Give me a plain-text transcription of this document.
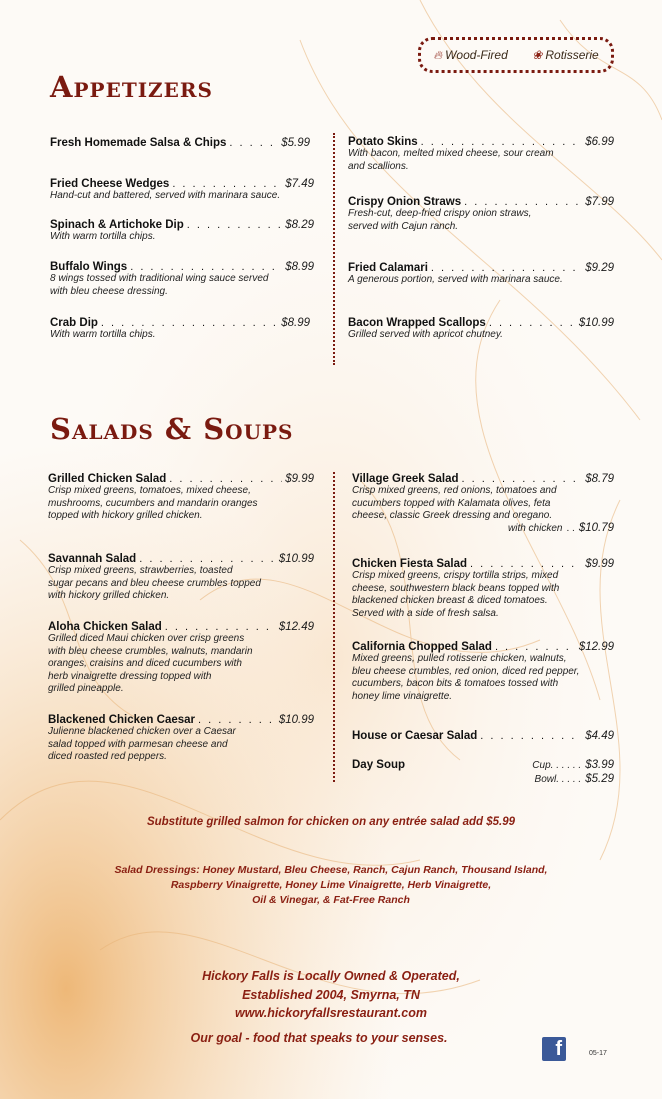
🔥︎ Wood-Fired ❀ Rotisserie
Appetizers
Fresh Homemade Salsa & Chips . . .	$5.99
Fried Cheese Wedges . . .	$7.49
Hand-cut and battered, served with marinara sauce.
Spinach & Artichoke Dip . . .	$8.29
With warm tortilla chips.
Buffalo Wings . . .	$8.99
8 wings tossed with traditional wing sauce served
with bleu cheese dressing.
Crab Dip . . .	$8.99
With warm tortilla chips.
Potato Skins . . .	$6.99
With bacon, melted mixed cheese, sour cream
and scallions.
Crispy Onion Straws . . .	$7.99
Fresh-cut, deep-fried crispy onion straws,
served with Cajun ranch.
Fried Calamari . . .	$9.29
A generous portion, served with marinara sauce.
Bacon Wrapped Scallops . . .	$10.99
Grilled served with apricot chutney.
Salads & Soups
Grilled Chicken Salad . . .	$9.99
Crisp mixed greens, tomatoes, mixed cheese,
mushrooms, cucumbers and mandarin oranges
topped with hickory grilled chicken.
Savannah Salad . . .	$10.99
Crisp mixed greens, strawberries, toasted
sugar pecans and bleu cheese crumbles topped
with hickory grilled chicken.
Aloha Chicken Salad . . .	$12.49
Grilled diced Maui chicken over crisp greens
with bleu cheese crumbles, walnuts, mandarin
oranges, craisins and diced cucumbers with
herb vinaigrette dressing topped with
grilled pineapple.
Blackened Chicken Caesar . . .	$10.99
Julienne blackened chicken over a Caesar
salad topped with parmesan cheese and
diced roasted red peppers.
Village Greek Salad . . .	$8.79
Crisp mixed greens, red onions, tomatoes and
cucumbers topped with Kalamata olives, feta
cheese, classic Greek dressing and oregano.
with chicken . . $10.79
Chicken Fiesta Salad . . .	$9.99
Crisp mixed greens, crispy tortilla strips, mixed
cheese, southwestern black beans topped with
blackened chicken breast & diced tomatoes.
Served with a side of fresh salsa.
California Chopped Salad . . .	$12.99
Mixed greens, pulled rotisserie chicken, walnuts,
bleu cheese crumbles, red onion, diced red pepper,
cucumbers, bacon bits & tomatoes tossed with
honey lime vinaigrette.
House or Caesar Salad . . .	$4.49
Day Soup	Cup. . . . . . $3.99
Bowl. . . . . $5.29
Substitute grilled salmon for chicken on any entrée salad add $5.99
Salad Dressings: Honey Mustard, Bleu Cheese, Ranch, Cajun Ranch, Thousand Island,
Raspberry Vinaigrette, Honey Lime Vinaigrette, Herb Vinaigrette,
Oil & Vinegar, & Fat-Free Ranch
Hickory Falls is Locally Owned & Operated,
Established 2004, Smyrna, TN
www.hickoryfallsrestaurant.com
Our goal - food that speaks to your senses.	f	05-17
